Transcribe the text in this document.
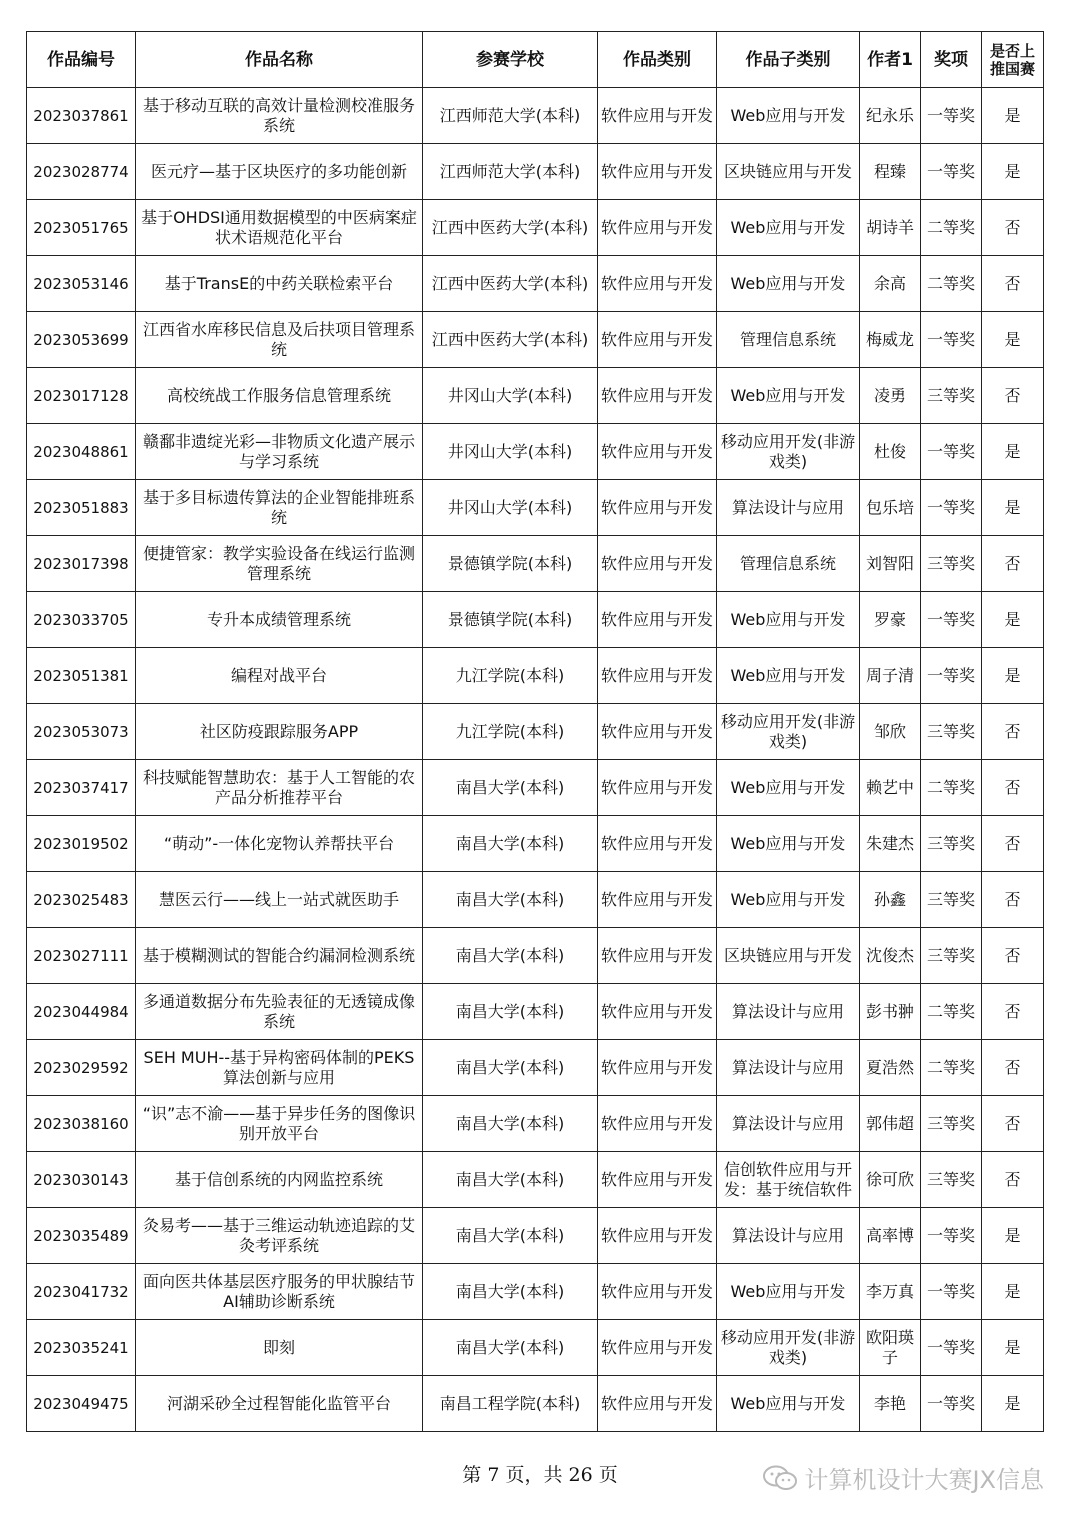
作品编号	作品名称	参赛学校	作品类别	作品子类别	作者1	奖项	是否上推国赛
2023037861	基于移动互联的高效计量检测校准服务系统	江西师范大学(本科)	软件应用与开发	Web应用与开发	纪永乐	一等奖	是
2023028774	医元疗—基于区块医疗的多功能创新	江西师范大学(本科)	软件应用与开发	区块链应用与开发	程臻	一等奖	是
2023051765	基于OHDSI通用数据模型的中医病案症状术语规范化平台	江西中医药大学(本科)	软件应用与开发	Web应用与开发	胡诗羊	二等奖	否
2023053146	基于TransE的中药关联检索平台	江西中医药大学(本科)	软件应用与开发	Web应用与开发	余高	二等奖	否
2023053699	江西省水库移民信息及后扶项目管理系统	江西中医药大学(本科)	软件应用与开发	管理信息系统	梅威龙	一等奖	是
2023017128	高校统战工作服务信息管理系统	井冈山大学(本科)	软件应用与开发	Web应用与开发	凌勇	三等奖	否
2023048861	赣鄱非遗绽光彩—非物质文化遗产展示与学习系统	井冈山大学(本科)	软件应用与开发	移动应用开发(非游戏类)	杜俊	一等奖	是
2023051883	基于多目标遗传算法的企业智能排班系统	井冈山大学(本科)	软件应用与开发	算法设计与应用	包乐培	一等奖	是
2023017398	便捷管家：教学实验设备在线运行监测管理系统	景德镇学院(本科)	软件应用与开发	管理信息系统	刘智阳	三等奖	否
2023033705	专升本成绩管理系统	景德镇学院(本科)	软件应用与开发	Web应用与开发	罗豪	一等奖	是
2023051381	编程对战平台	九江学院(本科)	软件应用与开发	Web应用与开发	周子清	一等奖	是
2023053073	社区防疫跟踪服务APP	九江学院(本科)	软件应用与开发	移动应用开发(非游戏类)	邹欣	三等奖	否
2023037417	科技赋能智慧助农：基于人工智能的农产品分析推荐平台	南昌大学(本科)	软件应用与开发	Web应用与开发	赖艺中	二等奖	否
2023019502	“萌动”-一体化宠物认养帮扶平台	南昌大学(本科)	软件应用与开发	Web应用与开发	朱建杰	三等奖	否
2023025483	慧医云行——线上一站式就医助手	南昌大学(本科)	软件应用与开发	Web应用与开发	孙鑫	三等奖	否
2023027111	基于模糊测试的智能合约漏洞检测系统	南昌大学(本科)	软件应用与开发	区块链应用与开发	沈俊杰	三等奖	否
2023044984	多通道数据分布先验表征的无透镜成像系统	南昌大学(本科)	软件应用与开发	算法设计与应用	彭书翀	二等奖	否
2023029592	SEH MUH--基于异构密码体制的PEKS算法创新与应用	南昌大学(本科)	软件应用与开发	算法设计与应用	夏浩然	二等奖	否
2023038160	“识”志不渝——基于异步任务的图像识别开放平台	南昌大学(本科)	软件应用与开发	算法设计与应用	郭伟超	三等奖	否
2023030143	基于信创系统的内网监控系统	南昌大学(本科)	软件应用与开发	信创软件应用与开发：基于统信软件	徐可欣	三等奖	否
2023035489	灸易考——基于三维运动轨迹追踪的艾灸考评系统	南昌大学(本科)	软件应用与开发	算法设计与应用	高率博	一等奖	是
2023041732	面向医共体基层医疗服务的甲状腺结节AI辅助诊断系统	南昌大学(本科)	软件应用与开发	Web应用与开发	李万真	一等奖	是
2023035241	即刻	南昌大学(本科)	软件应用与开发	移动应用开发(非游戏类)	欧阳瑛子	一等奖	是
2023049475	河湖采砂全过程智能化监管平台	南昌工程学院(本科)	软件应用与开发	Web应用与开发	李艳	一等奖	是
第 7 页，共 26 页	计算机设计大赛JX信息
